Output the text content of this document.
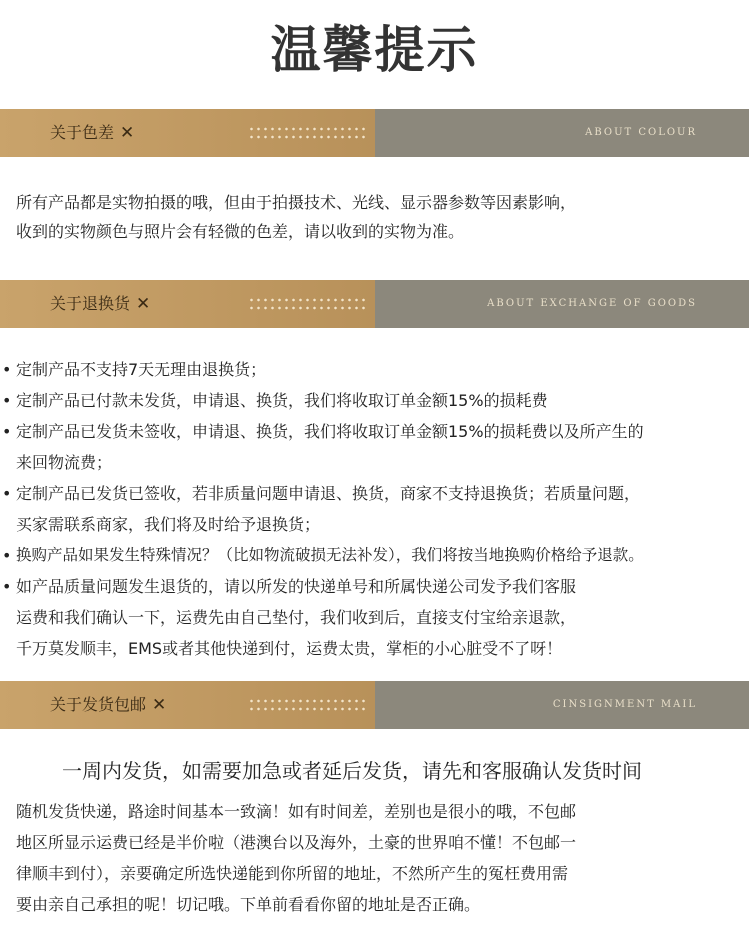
温馨提示
关于色差 ✕	ABOUT COLOUR
所有产品都是实物拍摄的哦，但由于拍摄技术、光线、显示器参数等因素影响，
收到的实物颜色与照片会有轻微的色差，请以收到的实物为准。
关于退换货 ✕	ABOUT EXCHANGE OF GOODS
• 定制产品不支持7天无理由退换货；
• 定制产品已付款未发货，申请退、换货，我们将收取订单金额15%的损耗费
• 定制产品已发货未签收，申请退、换货，我们将收取订单金额15%的损耗费以及所产生的
来回物流费；
• 定制产品已发货已签收，若非质量问题申请退、换货，商家不支持退换货；若质量问题，
买家需联系商家，我们将及时给予退换货；
• 换购产品如果发生特殊情况？（比如物流破损无法补发），我们将按当地换购价格给予退款。
• 如产品质量问题发生退货的，请以所发的快递单号和所属快递公司发予我们客服
运费和我们确认一下，运费先由自己垫付，我们收到后，直接支付宝给亲退款，
千万莫发顺丰，EMS或者其他快递到付，运费太贵，掌柜的小心脏受不了呀！
关于发货包邮 ✕	CINSIGNMENT MAIL
一周内发货，如需要加急或者延后发货，请先和客服确认发货时间
随机发货快递，路途时间基本一致滴！如有时间差，差别也是很小的哦，不包邮
地区所显示运费已经是半价啦（港澳台以及海外，土豪的世界咱不懂！不包邮一
律顺丰到付），亲要确定所选快递能到你所留的地址，不然所产生的冤枉费用需
要由亲自己承担的呢！切记哦。下单前看看你留的地址是否正确。
